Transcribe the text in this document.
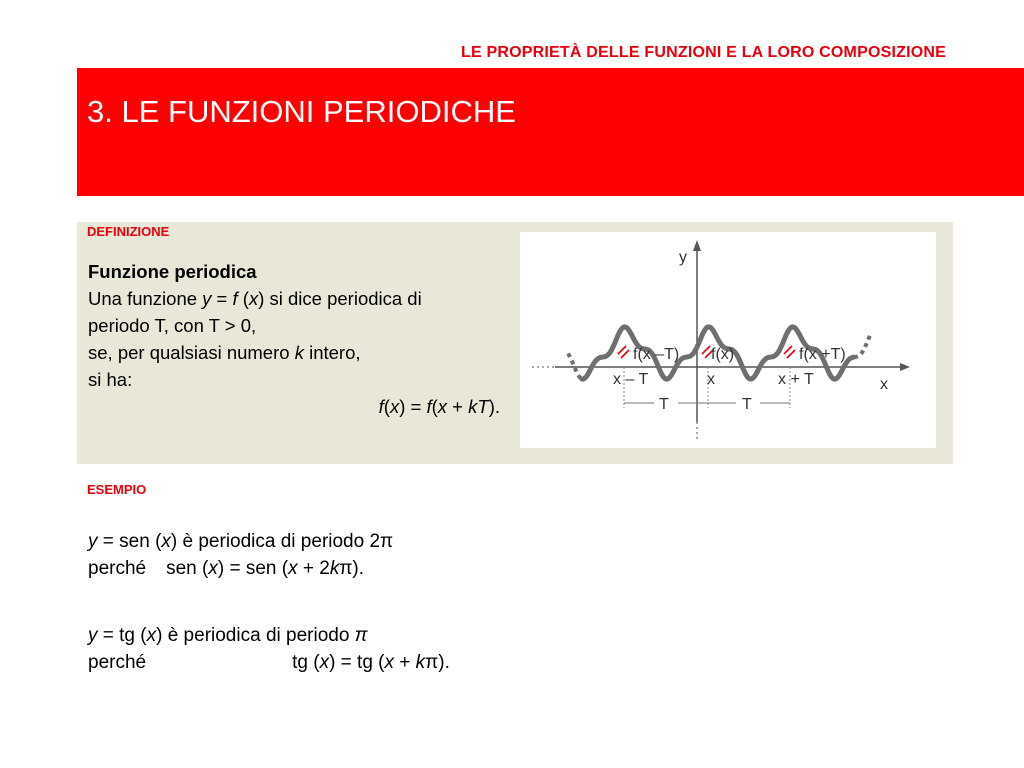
LE PROPRIETÀ DELLE FUNZIONI E LA LORO COMPOSIZIONE
3. LE FUNZIONI PERIODICHE
DEFINIZIONE
Funzione periodica
Una funzione y = f (x) si dice periodica di
periodo T, con T > 0,
se, per qualsiasi numero k intero,
si ha:
f(x) = f(x + kT).
y
x
f(x –T) f(x)	f(x +T)
x – T	x	x + T
T	T
ESEMPIO
y = sen (x) è periodica di periodo 2π
perché sen (x) = sen (x + 2kπ).
y = tg (x) è periodica di periodo π
perché	tg (x) = tg (x + kπ).
